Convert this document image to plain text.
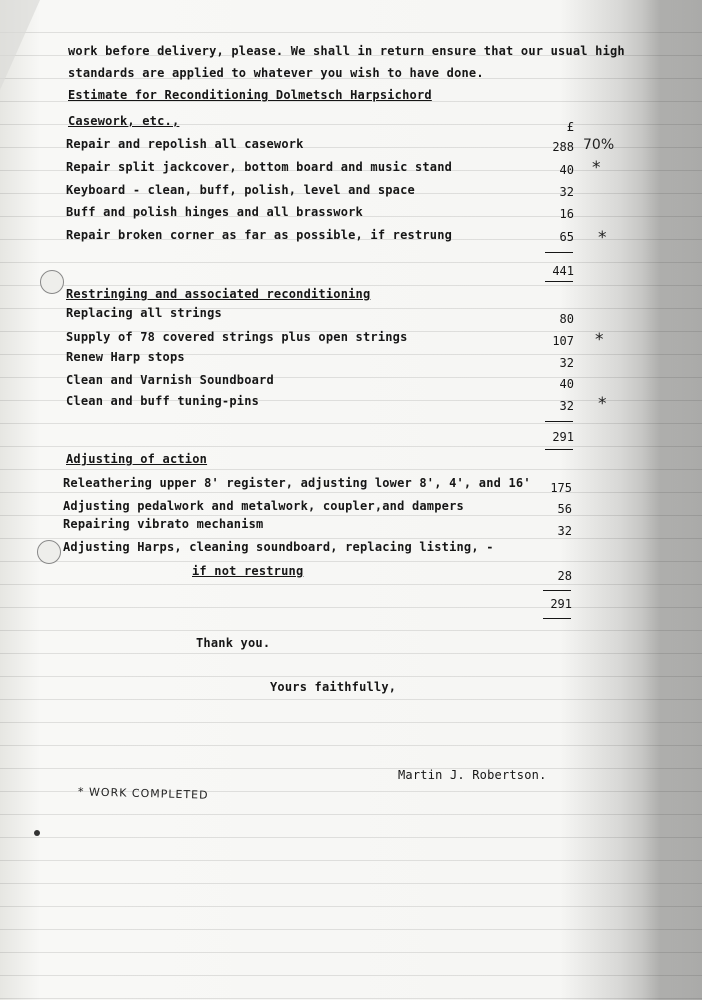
work before delivery, please. We shall in return ensure that our usual high
standards are applied to whatever you wish to have done.
Estimate for Reconditioning Dolmetsch Harpsichord
Casework, etc.,	£
Repair and repolish all casework	288 70%
Repair split jackcover, bottom board and music stand	40 *
Keyboard - clean, buff, polish, level and space	32
Buff and polish hinges and all brasswork	16
Repair broken corner as far as possible, if restrung	65 *
441
Restringing and associated reconditioning
Replacing all strings	80
Supply of 78 covered strings plus open strings	107 *
Renew Harp stops	32
Clean and Varnish Soundboard	40
Clean and buff tuning-pins	32 *
291
Adjusting of action
Releathering upper 8' register, adjusting lower 8', 4', and 16'	175
Adjusting pedalwork and metalwork, coupler,and dampers	56
Repairing vibrato mechanism	32
Adjusting Harps, cleaning soundboard, replacing listing, -
if not restrung	28
291
Thank you.
Yours faithfully,
Martin J. Robertson.
* WORK COMPLETED
